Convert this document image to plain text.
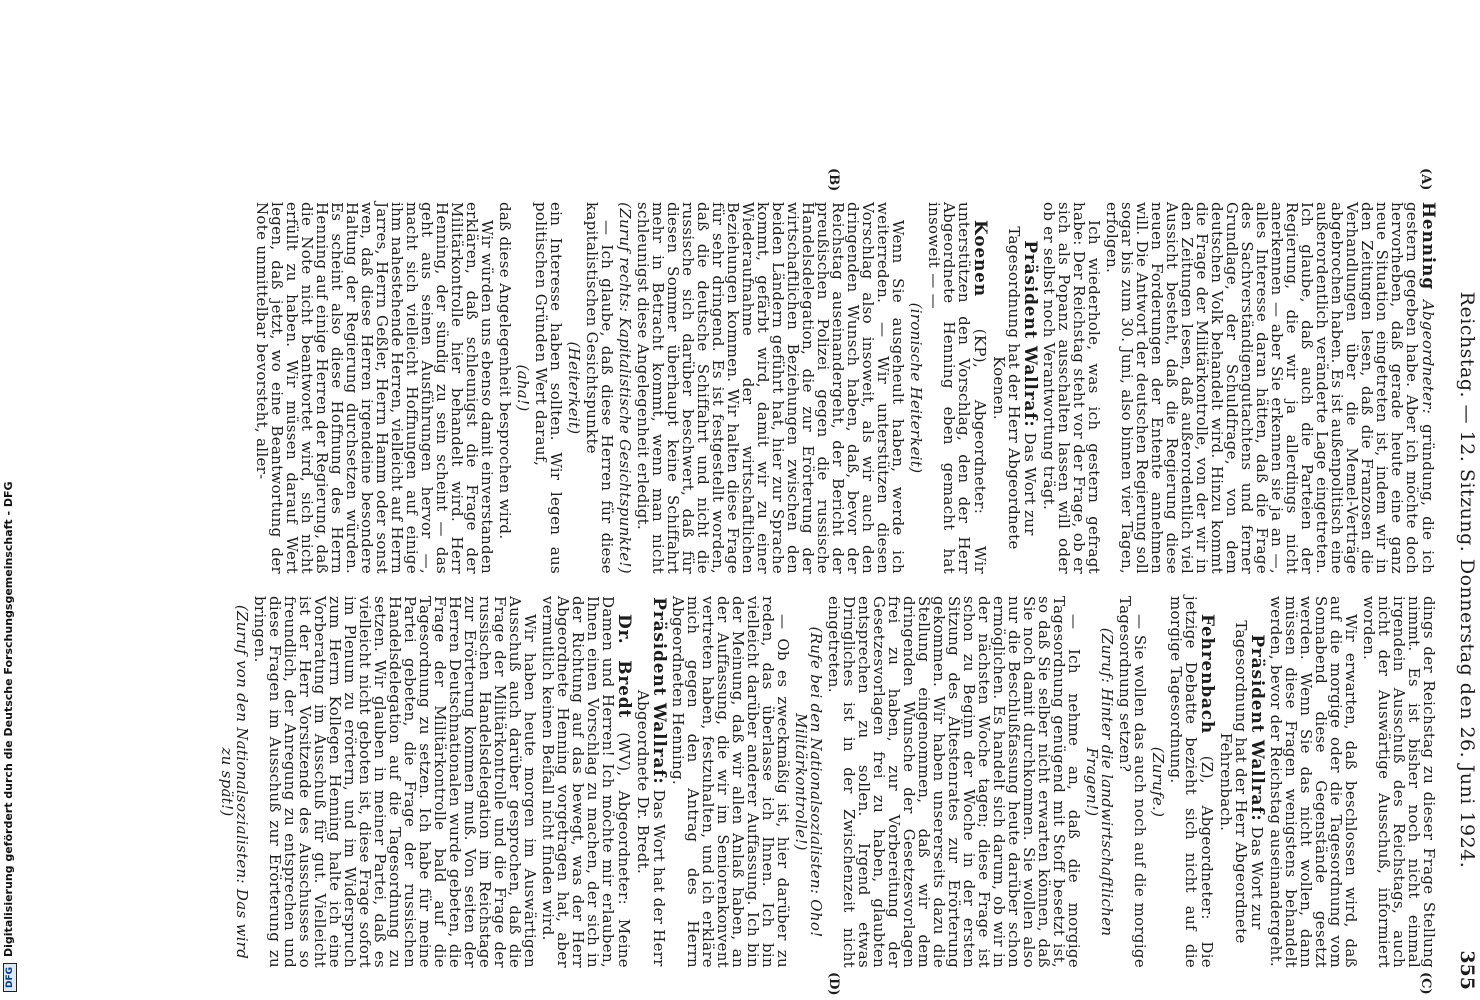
DFGDigitalisierung gefördert durch die Deutsche Forschungsgemeinschaft - DFG	Reichstag. — 12. Sitzung. Donnerstag den 26. Juni 1924.
355
(A)
(B)
(C)
(D)
Henning Abgeordneter: gründung, die ich gestern gegeben habe. Aber ich möchte doch hervorheben, daß gerade heute eine ganz neue Situation eingetreten ist, indem wir in den Zeitungen lesen, daß die Franzosen die Verhandlungen über die Memel-Verträge abgebrochen haben. Es ist außenpolitisch eine außerordentlich veränderte Lage eingetreten. Ich glaube, daß auch die Parteien der Regierung, die wir ja allerdings nicht anerkennen — aber Sie erkennen sie ja an —, alles Interesse daran hätten, daß die Frage des Sachverständigengutachtens und ferner Grundlage, der Schuldfrage, von dem deutschen Volk behandelt wird. Hinzu kommt die Frage der Militärkontrolle, von der wir in den Zeitungen lesen, daß außerordentlich viel Aussicht besteht, daß die Regierung diese neuen Forderungen der Entente annehmen will. Die Antwort der deutschen Regierung soll sogar bis zum 30. Juni, also binnen vier Tagen, erfolgen.
Ich wiederhole, was ich gestern gefragt habe: Der Reichstag steht vor der Frage, ob er sich als Popanz ausschalten lassen will oder ob er selbst noch Verantwortung trägt.
Präsident Wallraf: Das Wort zur Tagesordnung hat der Herr Abgeordnete Koenen.
Koenen (KP), Abgeordneter: Wir unterstützen den Vorschlag, den der Herr Abgeordnete Henning eben gemacht hat insoweit — —
(ironische Heiterkeit)
Wenn Sie ausgeheult haben, werde ich weiterreden. — Wir unterstützen diesen Vorschlag also insoweit, als wir auch den dringenden Wunsch haben, daß, bevor der Reichstag auseinandergeht, der Bericht der preußischen Polizei gegen die russische Handelsdelegation, die zur Erörterung der wirtschaftlichen Beziehungen zwischen den beiden Ländern geführt hat, hier zur Sprache kommt, gefärbt wird, damit wir zu einer Wiederaufnahme der wirtschaftlichen Beziehungen kommen. Wir halten diese Frage für sehr dringend. Es ist festgestellt worden, daß die deutsche Schiffahrt und nicht die russische sich darüber beschwert, daß für diesen Sommer überhaupt keine Schiffahrt mehr in Betracht kommt, wenn man nicht schleunigst diese Angelegenheit erledigt.
(Zuruf rechts: Kapitalistische Gesichtspunkte!)
— Ich glaube, daß diese Herren für diese kapitalistischen Gesichtspunkte
(Heiterkeit)
ein Interesse haben sollten. Wir legen aus politischen Gründen Wert darauf,
(aha!)
daß diese Angelegenheit besprochen wird.
Wir würden uns ebenso damit einverstanden erklären, daß schleunigst die Frage der Militärkontrolle hier behandelt wird. Herr Henning, der sündig zu sein scheint — das geht aus seinen Ausführungen hervor —, macht sich vielleicht Hoffnungen auf einige ihm nahestehende Herren, vielleicht auf Herrn Jarres, Herrn Geßler, Herrn Hamm oder sonst wen, daß diese Herren irgendeine besondere Haltung der Regierung durchsetzen würden. Es scheint also diese Hoffnung des Herrn Henning auf einige Herren der Regierung, daß die Note nicht beantwortet wird, sich nicht erfüllt zu haben. Wir müssen darauf Wert legen, daß jetzt, wo eine Beantwortung der Note unmittelbar bevorsteht, aller-
dings der Reichstag zu dieser Frage Stellung nimmt. Es ist bisher noch nicht einmal irgendein Ausschuß des Reichstags, auch nicht der Auswärtige Ausschuß, informiert worden.
Wir erwarten, daß beschlossen wird, daß auf die morgige oder die Tagesordnung vom Sonnabend diese Gegenstände gesetzt werden. Wenn Sie das nicht wollen, dann müssen diese Fragen wenigstens behandelt werden, bevor der Reichstag auseinandergeht.
Präsident Wallraf: Das Wort zur Tagesordnung hat der Herr Abgeordnete Fehrenbach.
Fehrenbach (Z), Abgeordneter: Die jetzige Debatte bezieht sich nicht auf die morgige Tagesordnung.
(Zurufe.)
— Sie wollen das auch noch auf die morgige Tagesordnung setzen?
(Zuruf: Hinter die landwirtschaftlichen Fragen!)
— Ich nehme an, daß die morgige Tagesordnung genügend mit Stoff besetzt ist, so daß Sie selber nicht erwarten können, daß Sie noch damit durchkommen. Sie wollen also nur die Beschlußfassung heute darüber schon ermöglichen. Es handelt sich darum, ob wir in der nächsten Woche tagen; diese Frage ist schon zu Beginn der Woche in der ersten Sitzung des Ältestenrates zur Erörterung gekommen. Wir haben unsererseits dazu die Stellung eingenommen, daß wir dem dringenden Wunsche der Gesetzesvorlagen frei zu haben, zur Vorbereitung der Gesetzesvorlagen frei zu haben, glaubten entsprechen zu sollen. Irgend etwas Dringliches ist in der Zwischenzeit nicht eingetreten.
(Rufe bei den Nationalsozialisten: Oho! Militärkontrolle!)
— Ob es zweckmäßig ist, hier darüber zu reden, das überlasse ich Ihnen. Ich bin vielleicht darüber anderer Auffassung. Ich bin der Meinung, daß wir allen Anlaß haben, an der Auffassung, die wir im Seniorenkonvent vertreten haben, festzuhalten, und ich erkläre mich gegen den Antrag des Herrn Abgeordneten Henning.
Präsident Wallraf: Das Wort hat der Herr Abgeordnete Dr. Bredt.
Dr. Bredt (WV), Abgeordneter: Meine Damen und Herren! Ich möchte mir erlauben, Ihnen einen Vorschlag zu machen, der sich in der Richtung auf das bewegt, was der Herr Abgeordnete Henning vorgetragen hat, aber vermutlich keinen Beifall nicht finden wird.
Wir haben heute morgen im Auswärtigen Ausschuß auch darüber gesprochen, daß die Frage der Militärkontrolle und die Frage der russischen Handelsdelegation im Reichstage zur Erörterung kommen muß. Von seiten der Herren Deutschnationalen wurde gebeten, die Frage der Militärkontrolle bald auf die Tagesordnung zu setzen. Ich habe für meine Partei gebeten, die Frage der russischen Handelsdelegation auf die Tagesordnung zu setzen. Wir glauben in meiner Partei, daß es vielleicht nicht geboten ist, diese Frage sofort im Plenum zu erörtern, und im Widerspruch zum Herrn Kollegen Henning halte ich eine Vorberatung im Ausschuß für gut. Vielleicht ist der Herr Vorsitzende des Ausschusses so freundlich, der Anregung zu entsprechen und diese Fragen im Ausschuß zur Erörterung zu bringen.
(Zuruf von den Nationalsozialisten: Das wird zu spät!)
